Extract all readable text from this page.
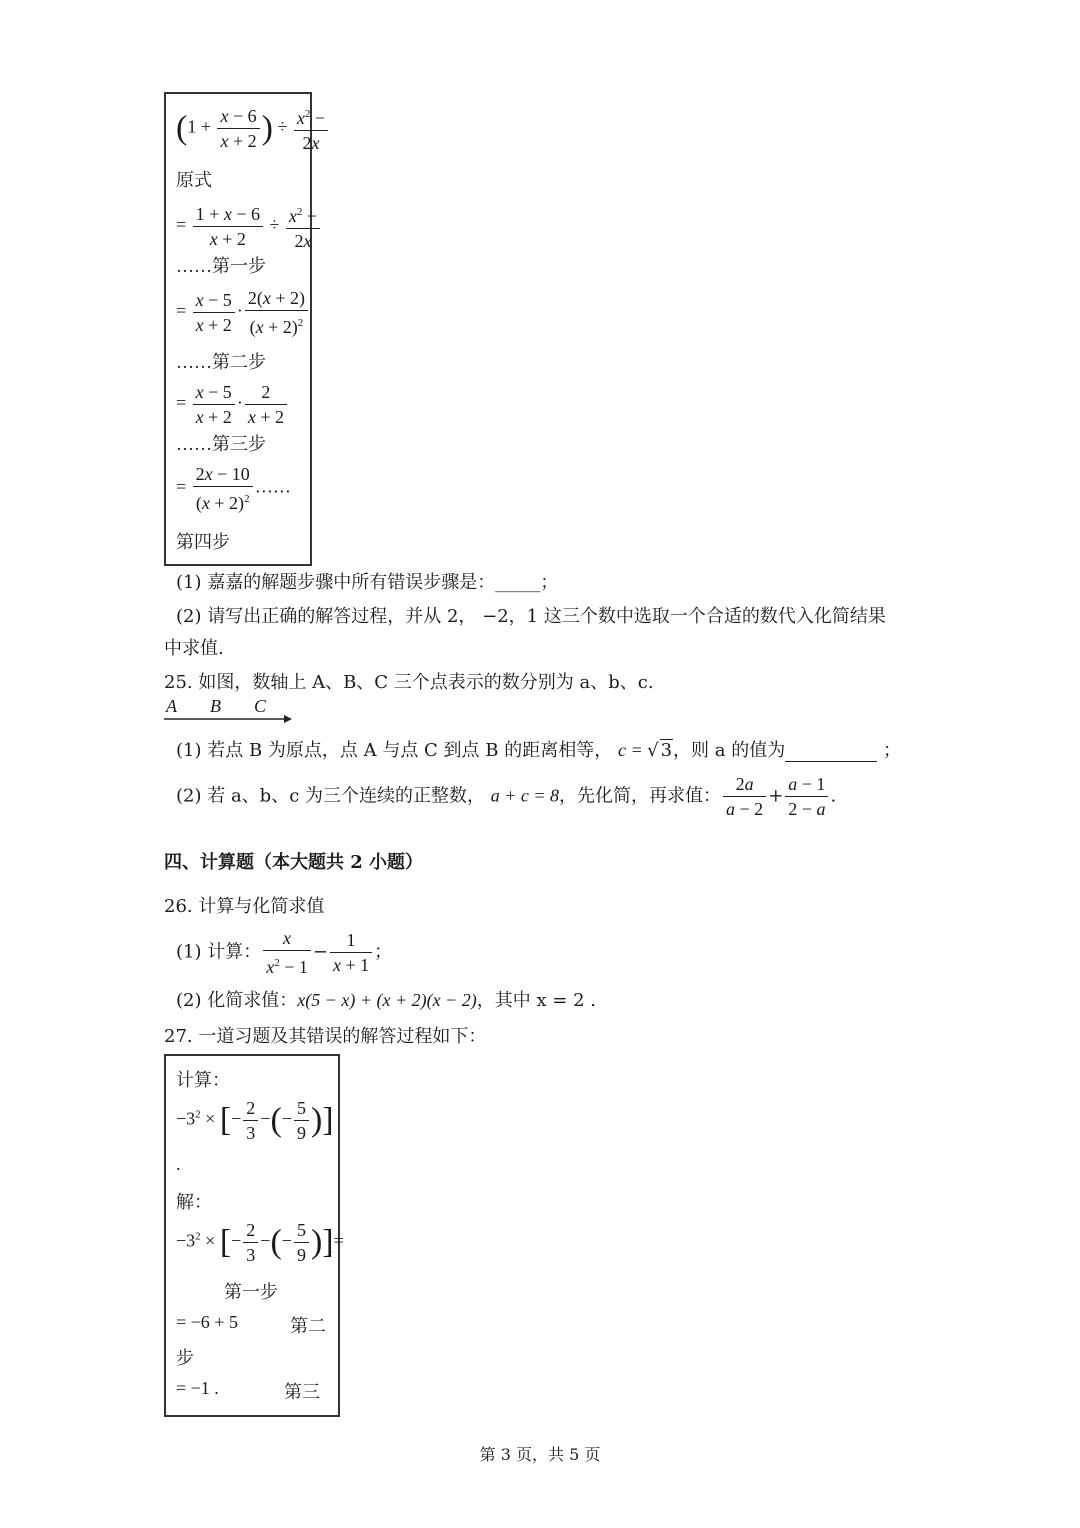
($1 + \frac{x - 6}{x + 2}$ ) ÷ $\frac{x^2 -}{2x}$
原式
= $\frac{1 + x - 6}{x + 2} \div \frac{x^2 -}{2x}$
……第一步
= $\frac{x - 5}{x + 2} \cdot \frac{2(x + 2)}{(x + 2)^2}$
……第二步
= $\frac{x - 5}{x + 2} \cdot \frac{2}{x + 2}$
……第三步
= $\frac{2x - 10}{(x + 2)^2}$ ……
第四步
(1) 嘉嘉的解题步骤中所有错误步骤是：_____；
(2) 请写出正确的解答过程，并从 2， −2，1 这三个数中选取一个合适的数代入化简结果
中求值.
25. 如图，数轴上 A、B、C 三个点表示的数分别为 a、b、c.
A B C
(1) 若点 B 为原点，点 A 与点 C 到点 B 的距离相等， c = √ 3，则 a 的值为	；
(2) 若 a、b、c 为三个连续的正整数， a + c = 8，先化简，再求值： $\frac{2a}{a - 2} + \frac{a - 1}{2 - a}$ .
四、计算题（本大题共 2 小题）
26. 计算与化简求值
(1) 计算： $\frac{x}{x^2 - 1} - \frac{1}{x + 1}$ ；
(2) 化简求值：x(5 − x) + (x + 2)(x − 2)，其中 x = 2 .
27. 一道习题及其错误的解答过程如下：
计算：
$-3^2$ × [− $\frac{2}{3}$ −(− $\frac{5}{9}$ )]
.
解：
$-3^2$ × [− $\frac{2}{3}$ −(− $\frac{5}{9}$ )]=
第一步
= −6 + 5	第二
步
= −1 .	第三
第 3 页，共 5 页
